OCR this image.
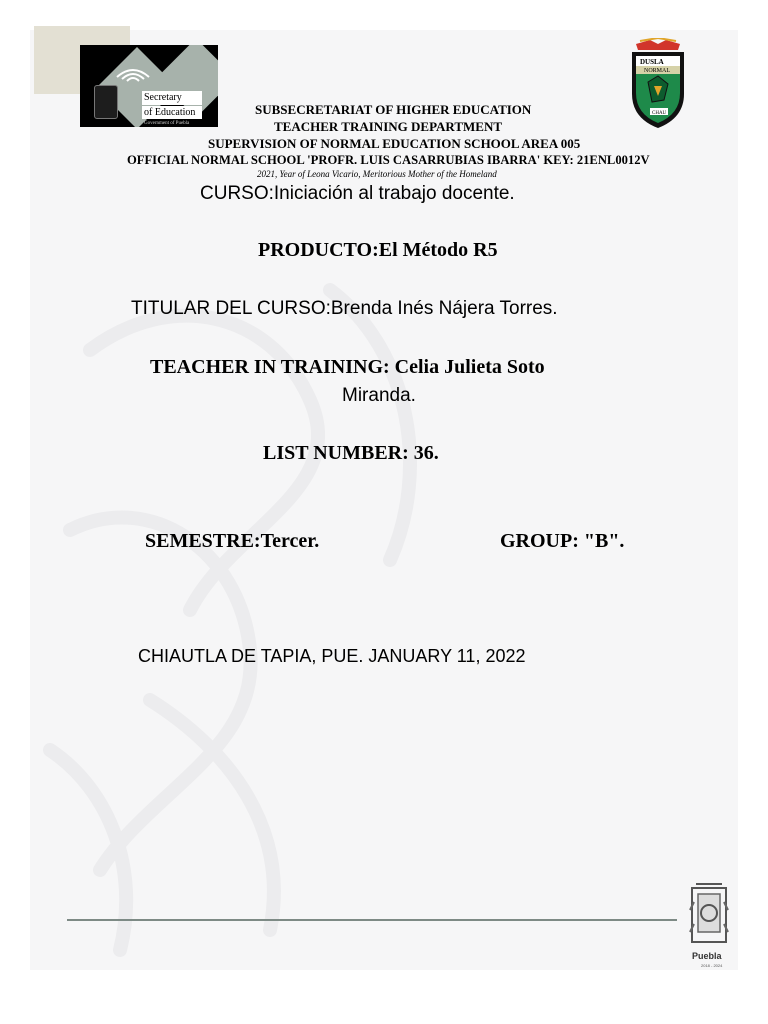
Secretary
of Education
Government of Puebla
DUSLA
NORMAL
CHAU
SUBSECRETARIAT OF HIGHER EDUCATION
TEACHER TRAINING DEPARTMENT
SUPERVISION OF NORMAL EDUCATION SCHOOL AREA 005
OFFICIAL NORMAL SCHOOL 'PROFR. LUIS CASARRUBIAS IBARRA' KEY: 21ENL0012V
2021, Year of Leona Vicario, Meritorious Mother of the Homeland
CURSO:Iniciación al trabajo docente.
PRODUCTO:El Método R5
TITULAR DEL CURSO:Brenda Inés Nájera Torres.
TEACHER IN TRAINING: Celia Julieta Soto
Miranda.
LIST NUMBER: 36.
SEMESTRE:Tercer.	GROUP: "B".
CHIAUTLA DE TAPIA, PUE. JANUARY 11, 2022
Puebla
2018 - 2024
